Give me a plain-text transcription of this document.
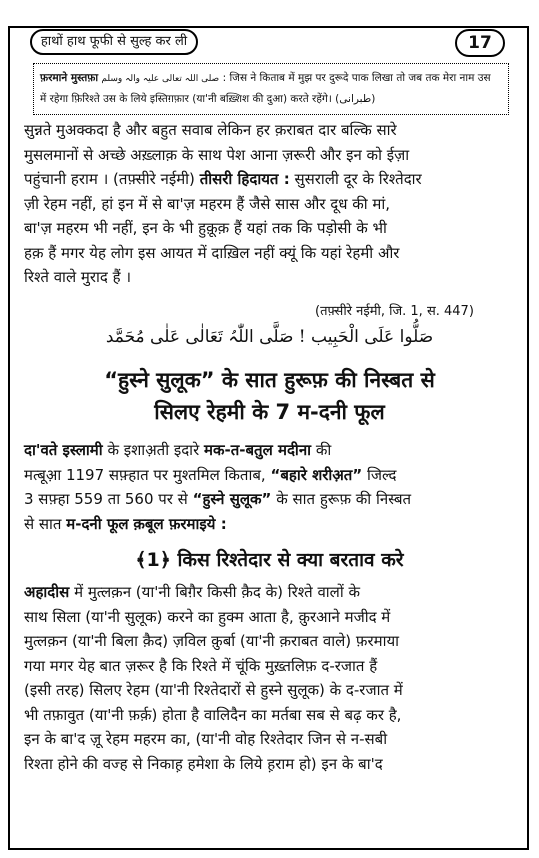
हाथों हाथ फूफी से सुल्ह कर ली	17
फ़रमाने मुस्तफ़ा صلی اللہ تعالی علیہ والہ وسلم : जिस ने किताब में मुझ पर दुरूदे पाक लिखा तो जब तक मेरा नाम उस
में रहेगा फ़िरिश्ते उस के लिये इस्तिग़फ़ार (या'नी बख़्शिश की दुआ) करते रहेंगे। (طبرانی)
सुन्नते मुअक्कदा है और बहुत सवाब लेकिन हर क़राबत दार बल्कि सारे
मुसलमानों से अच्छे अख़्लाक़ के साथ पेश आना ज़रूरी और इन को ईज़ा
पहुंचानी हराम । (तफ़्सीरे नईमी) तीसरी हिदायत : सुसराली दूर के रिश्तेदार
ज़ी रेहम नहीं, हां इन में से बा'ज़ महरम हैं जैसे सास और दूध की मां,
बा'ज़ महरम भी नहीं, इन के भी हुक़ूक़ हैं यहां तक कि पड़ोसी के भी
हक़ हैं मगर येह लोग इस आयत में दाख़िल नहीं क्यूं कि यहां रेहमी और
रिश्ते वाले मुराद हैं ।
(तफ़्सीरे नईमी, जि. 1, स. 447)
صَلُّوا عَلَی الْحَبِیب ! صَلَّی اللّٰہُ تَعَالٰی عَلٰی مُحَمَّد
“हुस्ने सुलूक” के सात हुरूफ़ की निस्बत से
सिलए रेहमी के 7 म-दनी फूल
दा'वते इस्लामी के इशाअ़ती इदारे मक-त-बतुल मदीना की
मत्बूआ़ 1197 सफ़्हात पर मुश्तमिल किताब, “बहारे शरीअ़त” जिल्द
3 सफ़्हा 559 ता 560 पर से “हुस्ने सुलूक” के सात हुरूफ़ की निस्बत
से सात म-दनी फूल क़बूल फ़रमाइये :
﴾1﴿ किस रिश्तेदार से क्या बरताव करे
अहादीस में मुत्लक़न (या'नी बिगै़र किसी क़ैद के) रिश्ते वालों के
साथ सिला (या'नी सुलूक) करने का हुक्म आता है, क़ुरआने मजीद में
मुत्लक़न (या'नी बिला क़ैद) ज़विल क़ुर्बा (या'नी क़राबत वाले) फ़रमाया
गया मगर येह बात ज़रूर है कि रिश्ते में चूंकि मुख़्तलिफ़ द-रजात हैं
(इसी तरह) सिलए रेहम (या'नी रिश्तेदारों से हुस्ने सुलूक) के द-रजात में
भी तफ़ावुत (या'नी फ़र्क़) होता है वालिदैन का मर्तबा सब से बढ़ कर है,
इन के बा'द ज़ू रेहम महरम का, (या'नी वोह रिश्तेदार जिन से न-सबी
रिश्ता होने की वज्ह से निकाह़ हमेशा के लिये ह़राम हो) इन के बा'द
